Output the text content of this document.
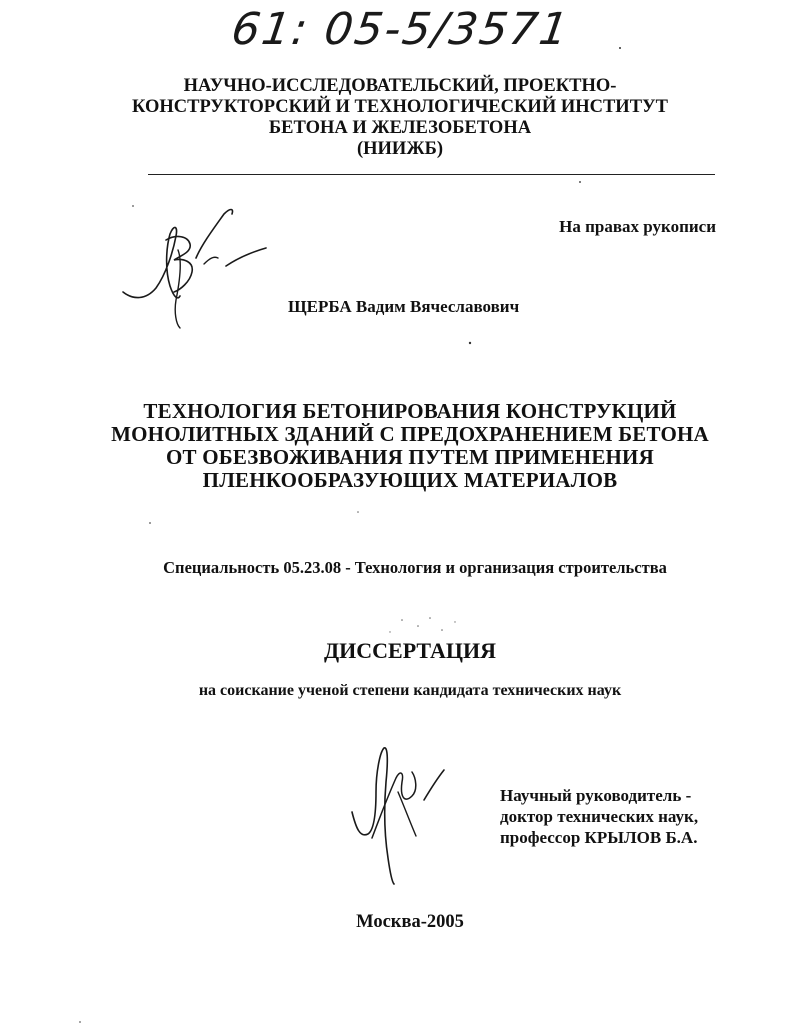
61: 05-5/3571
НАУЧНО-ИССЛЕДОВАТЕЛЬСКИЙ, ПРОЕКТНО-
КОНСТРУКТОРСКИЙ И ТЕХНОЛОГИЧЕСКИЙ ИНСТИТУТ
БЕТОНА И ЖЕЛЕЗОБЕТОНА
(НИИЖБ)
На правах рукописи
ЩЕРБА Вадим Вячеславович
ТЕХНОЛОГИЯ БЕТОНИРОВАНИЯ КОНСТРУКЦИЙ
МОНОЛИТНЫХ ЗДАНИЙ С ПРЕДОХРАНЕНИЕМ БЕТОНА
ОТ ОБЕЗВОЖИВАНИЯ ПУТЕМ ПРИМЕНЕНИЯ
ПЛЕНКООБРАЗУЮЩИХ МАТЕРИАЛОВ
Специальность 05.23.08 - Технология и организация строительства
ДИССЕРТАЦИЯ
на соискание ученой степени кандидата технических наук
Научный руководитель -
доктор технических наук,
профессор КРЫЛОВ Б.А.
Москва-2005
